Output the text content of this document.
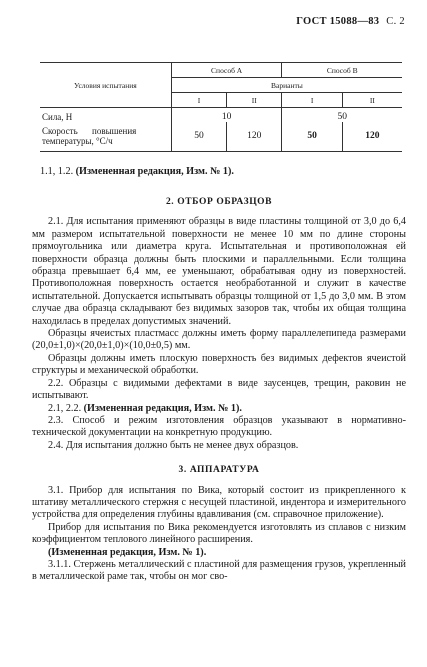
ГОСТ 15088—83 С. 2
Условия испытания	Способ А		Способ В	
	Варианты			
	I	II	I	II
Сила, Н	10		50	
Скорость повышения
температуры, °С/ч	50	120	50	120

1.1, 1.2. (Измененная редакция, Изм. № 1).

2. ОТБОР ОБРАЗЦОВ

2.1. Для испытания применяют образцы в виде пластины толщиной от 3,0 до 6,4 мм размером испытательной поверхности не менее 10 мм по длине стороны прямоугольника или диаметра круга. Испытательная и противоположная ей поверхности образца должны быть плоскими и параллельными. Если толщина образца превышает 6,4 мм, ее уменьшают, обрабатывая одну из поверхностей. Противоположная поверхность остается необработанной и служит в качестве испытательной. Допускается испытывать образцы толщиной от 1,5 до 3,0 мм. В этом случае два образца складывают без видимых зазоров так, чтобы их общая толщина находилась в пределах допустимых значений.

Образцы ячеистых пластмасс должны иметь форму параллелепипеда размерами (20,0±1,0)×(20,0±1,0)×(10,0±0,5) мм.

Образцы должны иметь плоскую поверхность без видимых дефектов ячеистой структуры и механической обработки.

2.2. Образцы с видимыми дефектами в виде заусенцев, трещин, раковин не испытывают.

2.1, 2.2. (Измененная редакция, Изм. № 1).

2.3. Способ и режим изготовления образцов указывают в нормативно-технической документации на конкретную продукцию.

2.4. Для испытания должно быть не менее двух образцов.

3. АППАРАТУРА

3.1. Прибор для испытания по Вика, который состоит из прикрепленного к штативу металлического стержня с несущей пластиной, индентора и измерительного устройства для определения глубины вдавливания (см. справочное приложение).

Прибор для испытания по Вика рекомендуется изготовлять из сплавов с низким коэффициентом теплового линейного расширения.

(Измененная редакция, Изм. № 1).

3.1.1. Стержень металлический с пластиной для размещения грузов, укрепленный в металлической раме так, чтобы он мог сво-
